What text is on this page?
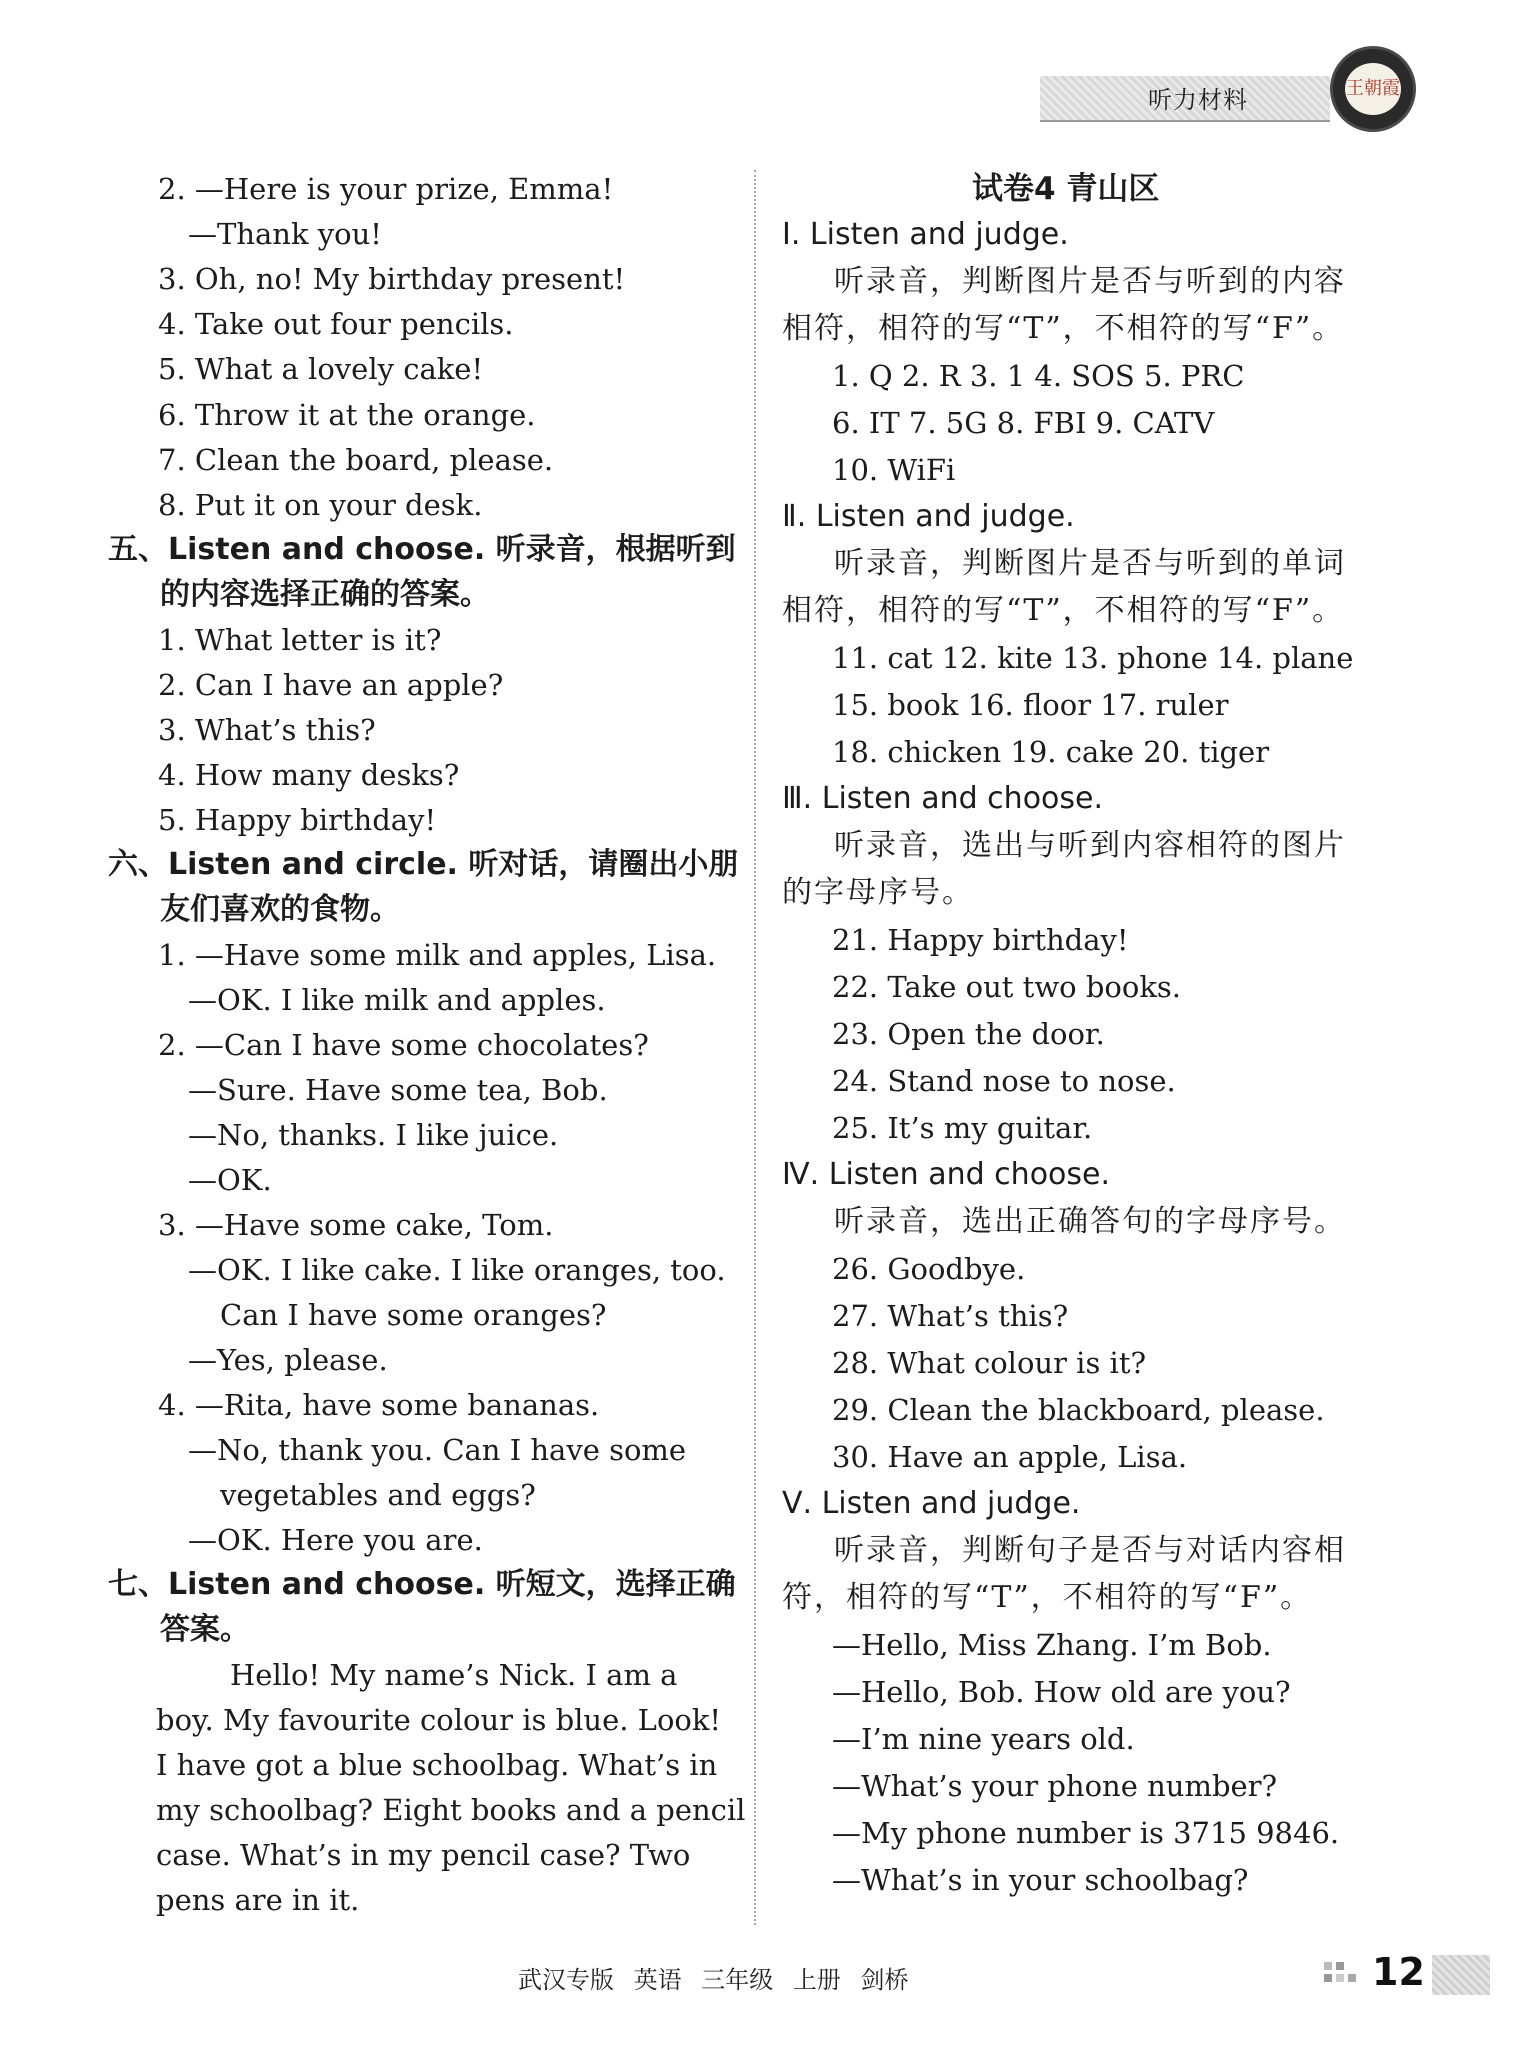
听力材料	王朝霞
2. —Here is your prize, Emma!
—Thank you!
3. Oh, no! My birthday present!
4. Take out four pencils.
5. What a lovely cake!
6. Throw it at the orange.
7. Clean the board, please.
8. Put it on your desk.
五、Listen and choose. 听录音，根据听到
的内容选择正确的答案。
1. What letter is it?
2. Can I have an apple?
3. What’s this?
4. How many desks?
5. Happy birthday!
六、Listen and circle. 听对话，请圈出小朋
友们喜欢的食物。
1. —Have some milk and apples, Lisa.
—OK. I like milk and apples.
2. —Can I have some chocolates?
—Sure. Have some tea, Bob.
—No, thanks. I like juice.
—OK.
3. —Have some cake, Tom.
—OK. I like cake. I like oranges, too.
Can I have some oranges?
—Yes, please.
4. —Rita, have some bananas.
—No, thank you. Can I have some
vegetables and eggs?
—OK. Here you are.
七、Listen and choose. 听短文，选择正确
答案。
Hello! My name’s Nick. I am a
boy. My favourite colour is blue. Look!
I have got a blue schoolbag. What’s in
my schoolbag? Eight books and a pencil
case. What’s in my pencil case? Two
pens are in it.
试卷4 青山区
Ⅰ. Listen and judge.
听录音，判断图片是否与听到的内容
相符，相符的写“T”，不相符的写“F”。
1. Q 2. R 3. 1 4. SOS 5. PRC
6. IT 7. 5G 8. FBI 9. CATV
10. WiFi
Ⅱ. Listen and judge.
听录音，判断图片是否与听到的单词
相符，相符的写“T”，不相符的写“F”。
11. cat 12. kite 13. phone 14. plane
15. book 16. floor 17. ruler
18. chicken 19. cake 20. tiger
Ⅲ. Listen and choose.
听录音，选出与听到内容相符的图片
的字母序号。
21. Happy birthday!
22. Take out two books.
23. Open the door.
24. Stand nose to nose.
25. It’s my guitar.
Ⅳ. Listen and choose.
听录音，选出正确答句的字母序号。
26. Goodbye.
27. What’s this?
28. What colour is it?
29. Clean the blackboard, please.
30. Have an apple, Lisa.
Ⅴ. Listen and judge.
听录音，判断句子是否与对话内容相
符，相符的写“T”，不相符的写“F”。
—Hello, Miss Zhang. I’m Bob.
—Hello, Bob. How old are you?
—I’m nine years old.
—What’s your phone number?
—My phone number is 3715 9846.
—What’s in your schoolbag?
武汉专版 英语 三年级 上册 剑桥	12
